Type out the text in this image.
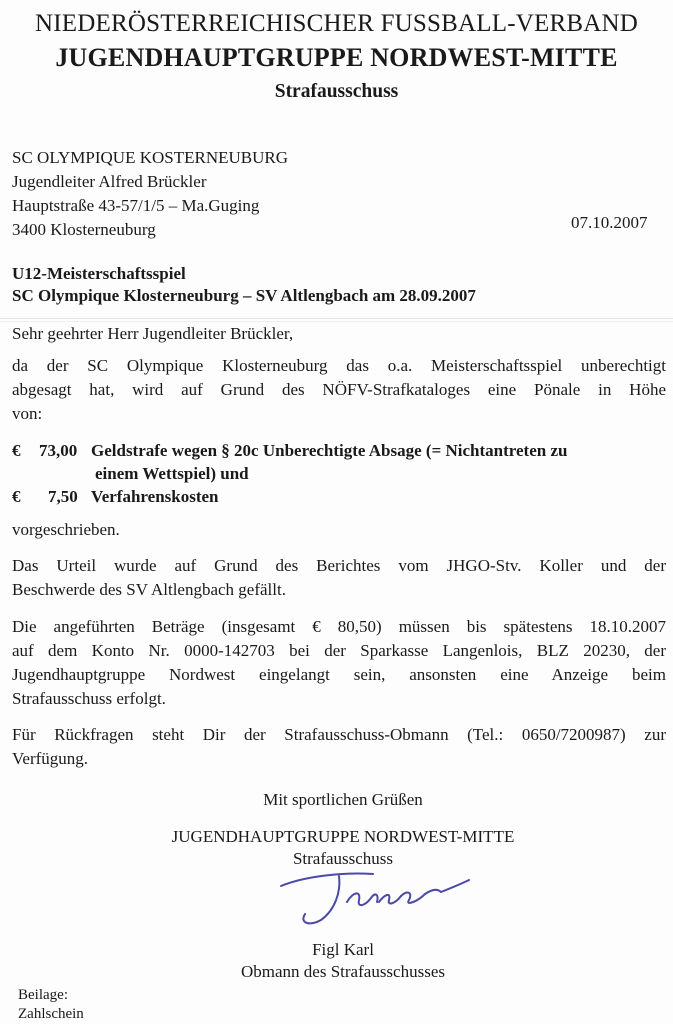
NIEDERÖSTERREICHISCHER FUSSBALL-VERBAND
JUGENDHAUPTGRUPPE NORDWEST-MITTE
Strafausschuss
SC OLYMPIQUE KOSTERNEUBURG
Jugendleiter Alfred Brückler
Hauptstraße 43-57/1/5 – Ma.Guging
3400 Klosterneuburg	07.10.2007
U12-Meisterschaftsspiel
SC Olympique Klosterneuburg – SV Altlengbach am 28.09.2007
Sehr geehrter Herr Jugendleiter Brückler,
da der SC Olympique Klosterneuburg das o.a. Meisterschaftsspiel unberechtigt
abgesagt hat, wird auf Grund des NÖFV-Strafkataloges eine Pönale in Höhe
von:
€ 73,00 Geldstrafe wegen § 20c Unberechtigte Absage (= Nichtantreten zu
einem Wettspiel) und
€ 7,50 Verfahrenskosten
vorgeschrieben.
Das Urteil wurde auf Grund des Berichtes vom JHGO-Stv. Koller und der
Beschwerde des SV Altlengbach gefällt.
Die angeführten Beträge (insgesamt € 80,50) müssen bis spätestens 18.10.2007
auf dem Konto Nr. 0000-142703 bei der Sparkasse Langenlois, BLZ 20230, der
Jugendhauptgruppe Nordwest eingelangt sein, ansonsten eine Anzeige beim
Strafausschuss erfolgt.
Für Rückfragen steht Dir der Strafausschuss-Obmann (Tel.: 0650/7200987) zur
Verfügung.
Mit sportlichen Grüßen
JUGENDHAUPTGRUPPE NORDWEST-MITTE
Strafausschuss
Figl Karl
Obmann des Strafausschusses
Beilage:
Zahlschein
